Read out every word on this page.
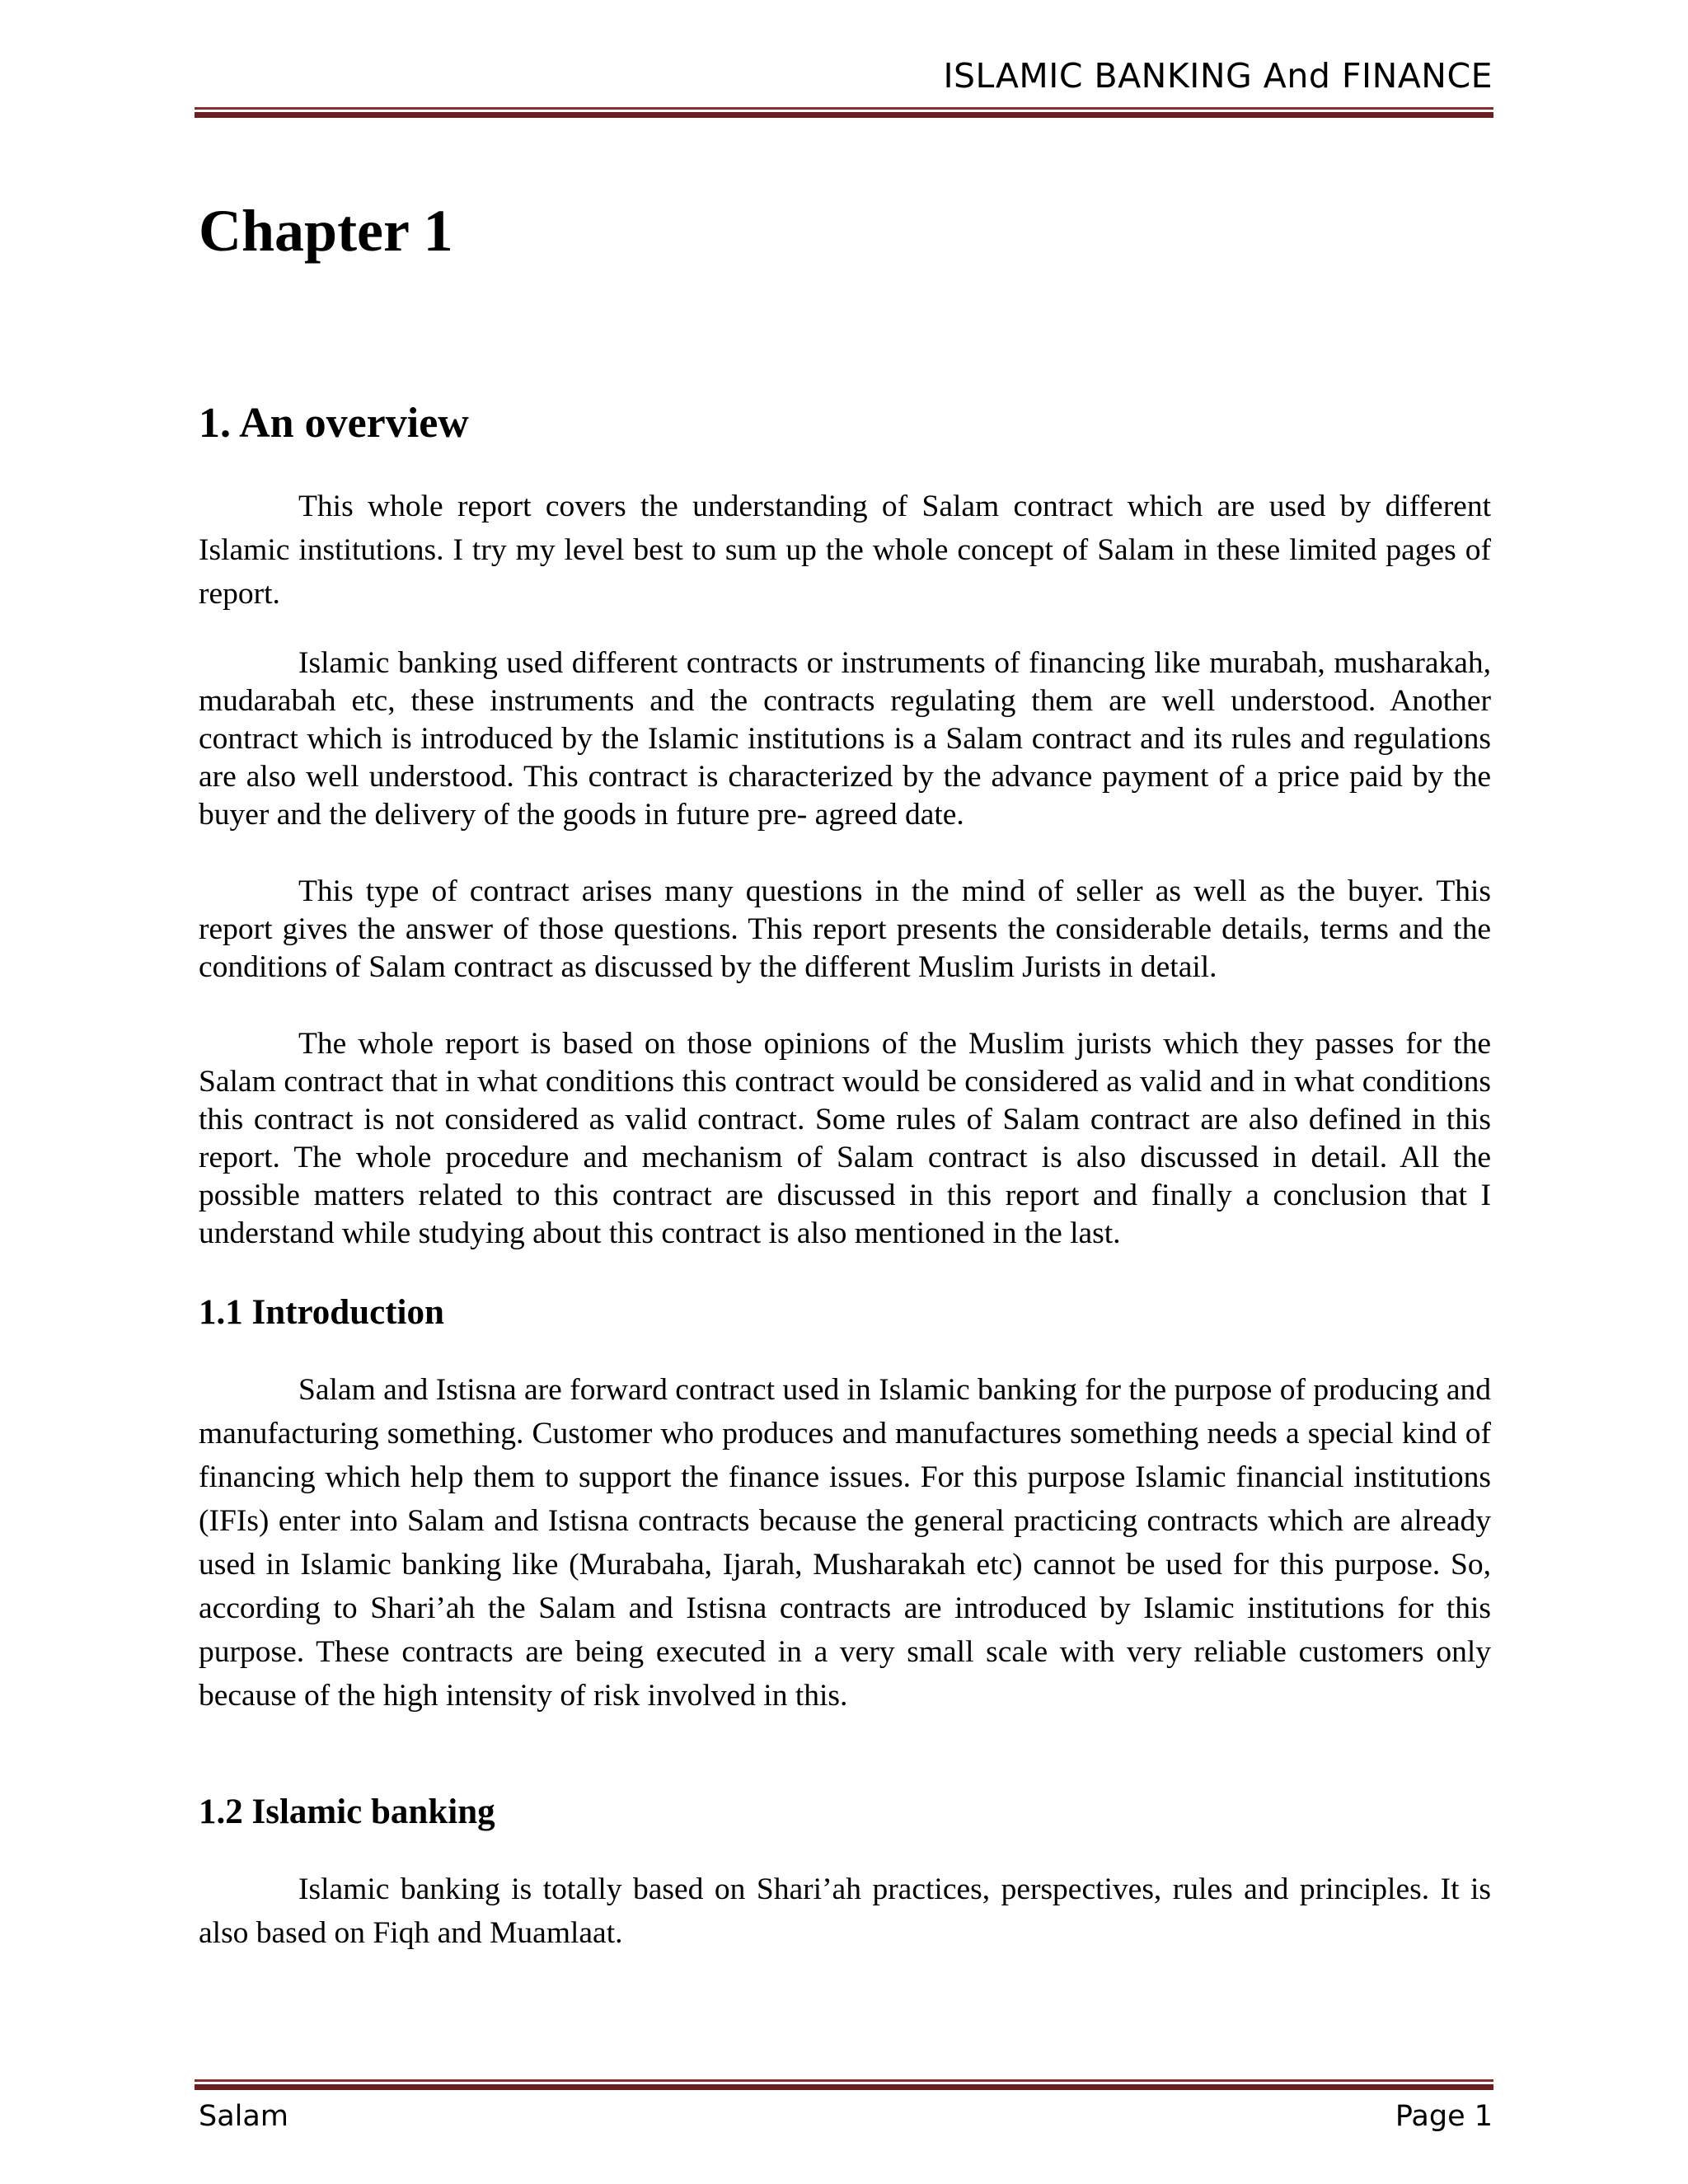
ISLAMIC BANKING And FINANCE
Chapter 1
1. An overview

This whole report covers the understanding of Salam contract which are used by different Islamic institutions. I try my level best to sum up the whole concept of Salam in these limited pages of report.

Islamic banking used different contracts or instruments of financing like murabah, musharakah, mudarabah etc, these instruments and the contracts regulating them are well understood. Another contract which is introduced by the Islamic institutions is a Salam contract and its rules and regulations are also well understood. This contract is characterized by the advance payment of a price paid by the buyer and the delivery of the goods in future pre- agreed date.

This type of contract arises many questions in the mind of seller as well as the buyer. This report gives the answer of those questions. This report presents the considerable details, terms and the conditions of Salam contract as discussed by the different Muslim Jurists in detail.

The whole report is based on those opinions of the Muslim jurists which they passes for the Salam contract that in what conditions this contract would be considered as valid and in what conditions this contract is not considered as valid contract. Some rules of Salam contract are also defined in this report. The whole procedure and mechanism of Salam contract is also discussed in detail. All the possible matters related to this contract are discussed in this report and finally a conclusion that I understand while studying about this contract is also mentioned in the last.

1.1 Introduction

Salam and Istisna are forward contract used in Islamic banking for the purpose of producing and manufacturing something. Customer who produces and manufactures something needs a special kind of financing which help them to support the finance issues. For this purpose Islamic financial institutions (IFIs) enter into Salam and Istisna contracts because the general practicing contracts which are already used in Islamic banking like (Murabaha, Ijarah, Musharakah etc) cannot be used for this purpose. So, according to Shari’ah the Salam and Istisna contracts are introduced by Islamic institutions for this purpose. These contracts are being executed in a very small scale with very reliable customers only because of the high intensity of risk involved in this.

1.2 Islamic banking

Islamic banking is totally based on Shari’ah practices, perspectives, rules and principles. It is also based on Fiqh and Muamlaat.

Salam	Page 1
